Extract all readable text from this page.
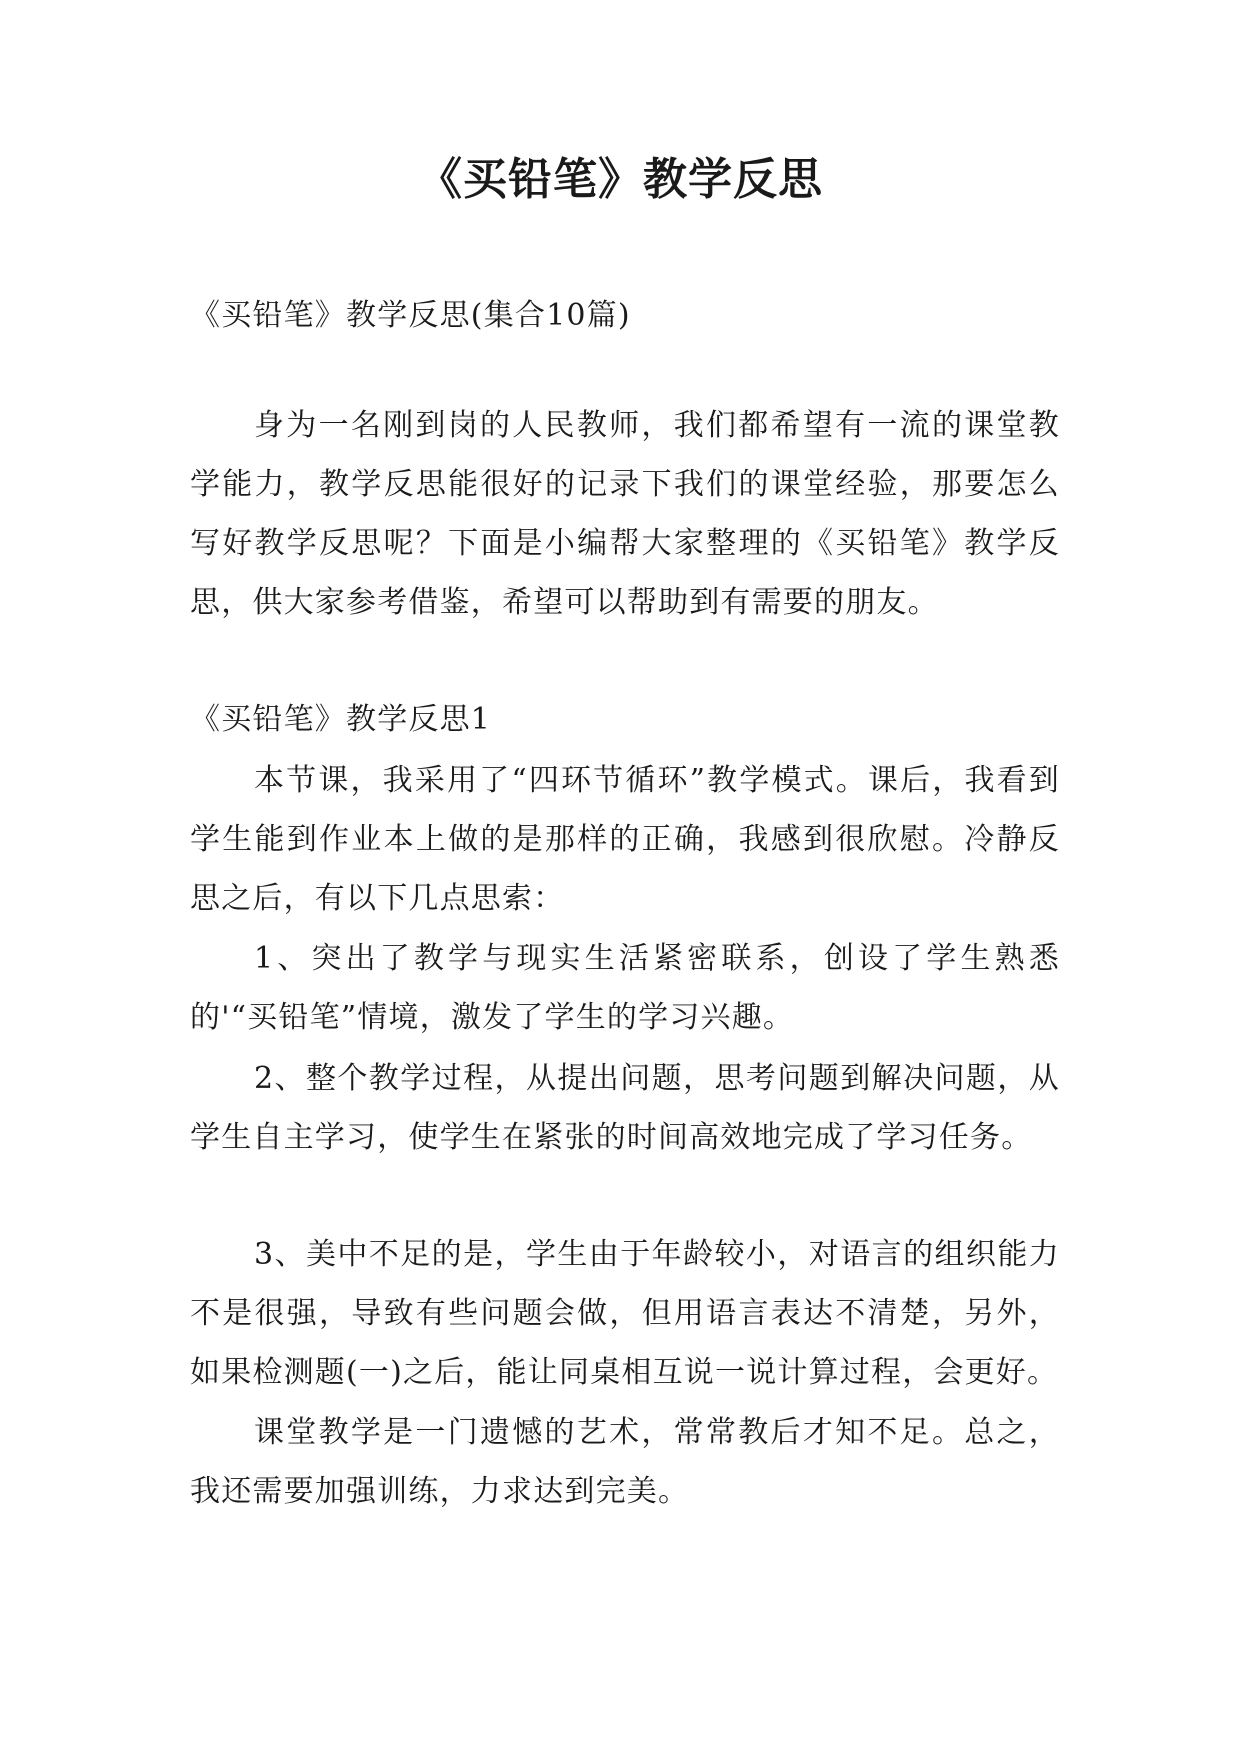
《买铅笔》教学反思

《买铅笔》教学反思(集合10篇)

身为一名刚到岗的人民教师，我们都希望有一流的课堂教学能力，教学反思能很好的记录下我们的课堂经验，那要怎么写好教学反思呢？下面是小编帮大家整理的《买铅笔》教学反思，供大家参考借鉴，希望可以帮助到有需要的朋友。

《买铅笔》教学反思1

本节课，我采用了“四环节循环”教学模式。课后，我看到学生能到作业本上做的是那样的正确，我感到很欣慰。冷静反思之后，有以下几点思索：

1、突出了教学与现实生活紧密联系，创设了学生熟悉的'“买铅笔”情境，激发了学生的学习兴趣。

2、整个教学过程，从提出问题，思考问题到解决问题，从学生自主学习，使学生在紧张的时间高效地完成了学习任务。

3、美中不足的是，学生由于年龄较小，对语言的组织能力不是很强，导致有些问题会做，但用语言表达不清楚，另外，如果检测题(一)之后，能让同桌相互说一说计算过程，会更好。

课堂教学是一门遗憾的艺术，常常教后才知不足。总之，我还需要加强训练，力求达到完美。
